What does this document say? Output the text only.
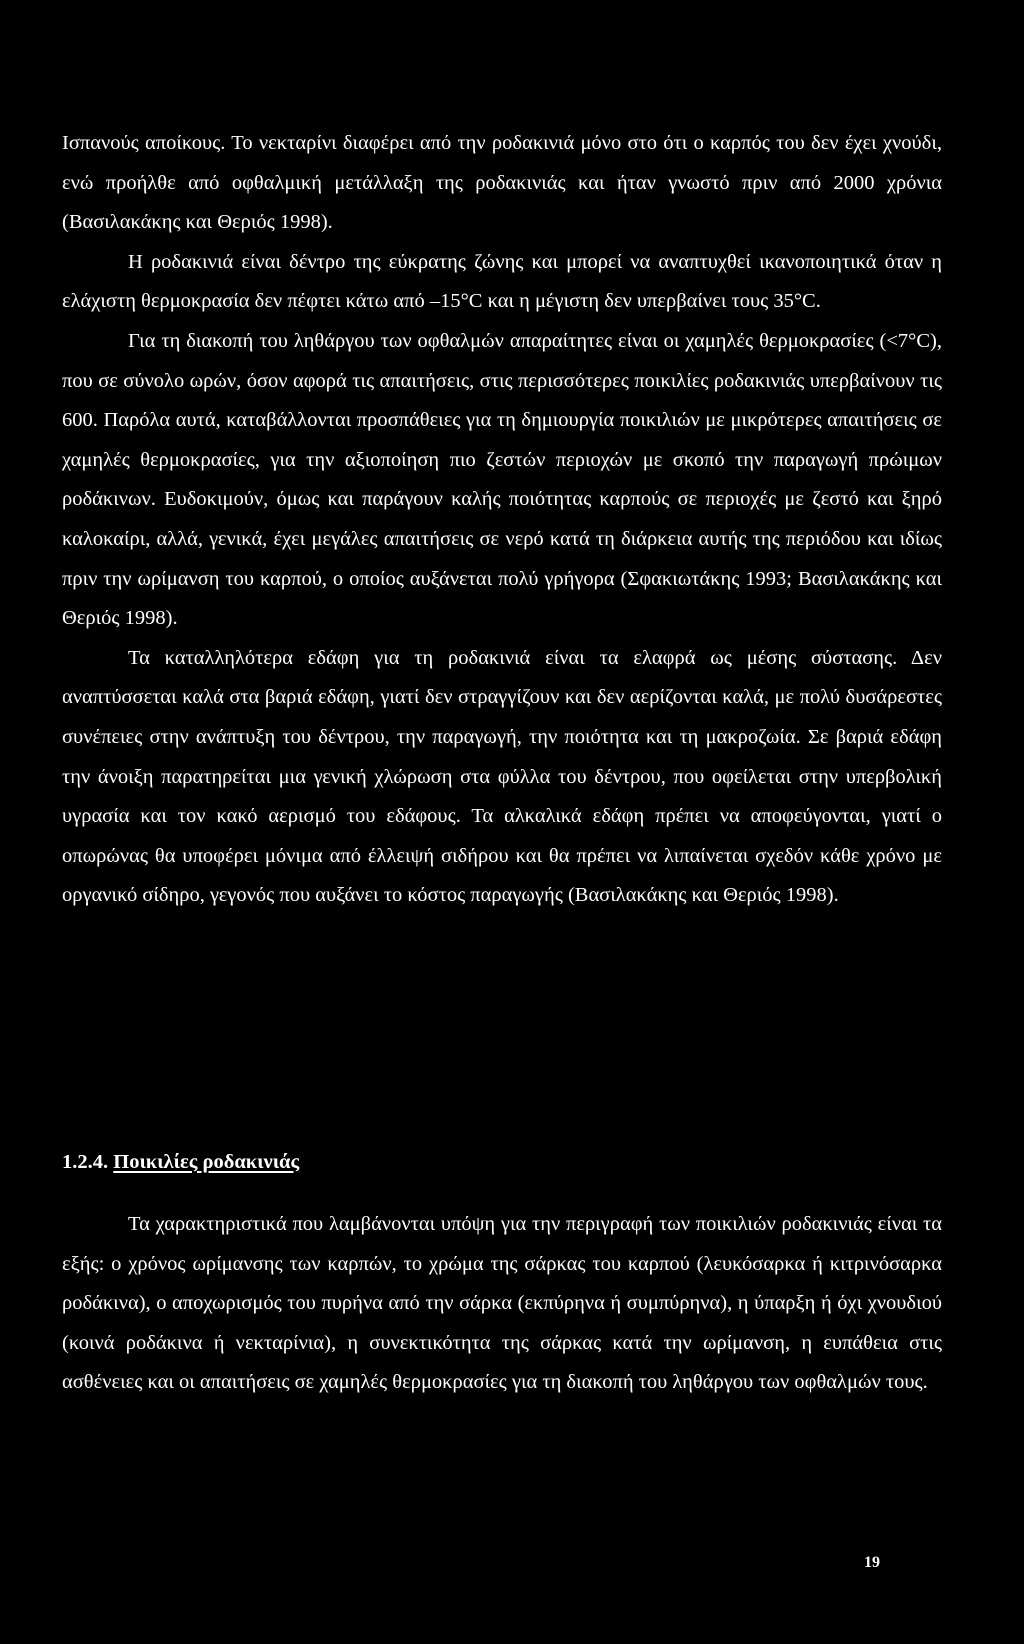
Ισπανούς αποίκους. Το νεκταρίνι διαφέρει από την ροδακινιά μόνο στο ότι ο καρπός του δεν έχει χνούδι, ενώ προήλθε από οφθαλμική μετάλλαξη της ροδακινιάς και ήταν γνωστό πριν από 2000 χρόνια (Βασιλακάκης και Θεριός 1998).

Η ροδακινιά είναι δέντρο της εύκρατης ζώνης και μπορεί να αναπτυχθεί ικανοποιητικά όταν η ελάχιστη θερμοκρασία δεν πέφτει κάτω από –15°C και η μέγιστη δεν υπερβαίνει τους 35°C.

Για τη διακοπή του ληθάργου των οφθαλμών απαραίτητες είναι οι χαμηλές θερμοκρασίες (<7°C), που σε σύνολο ωρών, όσον αφορά τις απαιτήσεις, στις περισσότερες ποικιλίες ροδακινιάς υπερβαίνουν τις 600. Παρόλα αυτά, καταβάλλονται προσπάθειες για τη δημιουργία ποικιλιών με μικρότερες απαιτήσεις σε χαμηλές θερμοκρασίες, για την αξιοποίηση πιο ζεστών περιοχών με σκοπό την παραγωγή πρώιμων ροδάκινων. Ευδοκιμούν, όμως και παράγουν καλής ποιότητας καρπούς σε περιοχές με ζεστό και ξηρό καλοκαίρι, αλλά, γενικά, έχει μεγάλες απαιτήσεις σε νερό κατά τη διάρκεια αυτής της περιόδου και ιδίως πριν την ωρίμανση του καρπού, ο οποίος αυξάνεται πολύ γρήγορα (Σφακιωτάκης 1993; Βασιλακάκης και Θεριός 1998).

Τα καταλληλότερα εδάφη για τη ροδακινιά είναι τα ελαφρά ως μέσης σύστασης. Δεν αναπτύσσεται καλά στα βαριά εδάφη, γιατί δεν στραγγίζουν και δεν αερίζονται καλά, με πολύ δυσάρεστες συνέπειες στην ανάπτυξη του δέντρου, την παραγωγή, την ποιότητα και τη μακροζωία. Σε βαριά εδάφη την άνοιξη παρατηρείται μια γενική χλώρωση στα φύλλα του δέντρου, που οφείλεται στην υπερβολική υγρασία και τον κακό αερισμό του εδάφους. Τα αλκαλικά εδάφη πρέπει να αποφεύγονται, γιατί ο οπωρώνας θα υποφέρει μόνιμα από έλλειψή σιδήρου και θα πρέπει να λιπαίνεται σχεδόν κάθε χρόνο με οργανικό σίδηρο, γεγονός που αυξάνει το κόστος παραγωγής (Βασιλακάκης και Θεριός 1998).

1.2.4. Ποικιλίες ροδακινιάς

Τα χαρακτηριστικά που λαμβάνονται υπόψη για την περιγραφή των ποικιλιών ροδακινιάς είναι τα εξής: ο χρόνος ωρίμανσης των καρπών, το χρώμα της σάρκας του καρπού (λευκόσαρκα ή κιτρινόσαρκα ροδάκινα), ο αποχωρισμός του πυρήνα από την σάρκα (εκπύρηνα ή συμπύρηνα), η ύπαρξη ή όχι χνουδιού (κοινά ροδάκινα ή νεκταρίνια), η συνεκτικότητα της σάρκας κατά την ωρίμανση, η ευπάθεια στις ασθένειες και οι απαιτήσεις σε χαμηλές θερμοκρασίες για τη διακοπή του ληθάργου των οφθαλμών τους.

19
